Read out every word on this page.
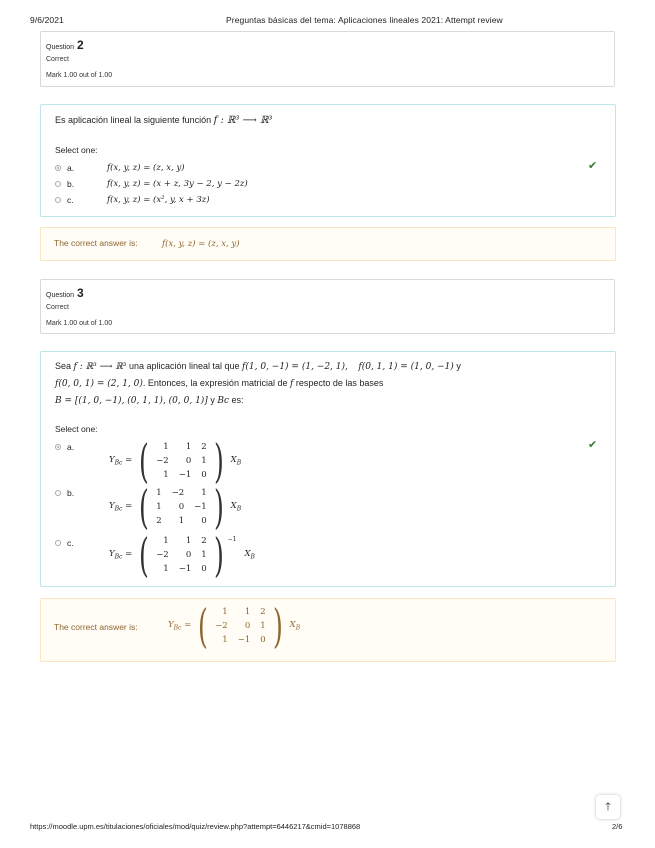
9/6/2021	Preguntas básicas del tema: Aplicaciones lineales 2021: Attempt review
Question 2
Correct
Mark 1.00 out of 1.00
Es aplicación lineal la siguiente función f : ℝ³ ⟶ ℝ³
Select one:
a.	f(x, y, z) = (z, x, y)
b.	f(x, y, z) = (x + z, 3y − 2, y − 2z)
c.	f(x, y, z) = (x², y, x + 3z)
✔
The correct answer is:	f(x, y, z) = (z, x, y)
Question 3
Correct
Mark 1.00 out of 1.00
Sea f : ℝ³ ⟶ ℝ³ una aplicación lineal tal que f(1, 0, −1) = (1, −2, 1), f(0, 1, 1) = (1, 0, −1) y
f(0, 0, 1) = (2, 1, 0). Entonces, la expresión matricial de f respecto de las bases
B = [(1, 0, −1), (0, 1, 1), (0, 0, 1)] y Bc es:
Select one:
a.
b.
c.
$Y_{Bc}$ = ( 1	1	2
−2	0	1
1	−1	0 ) $X_B$
$Y_{Bc}$ = ( 1	−2	1
1	0	−1
2	1	0 ) $X_B$
$Y_{Bc}$ = ( 1	1	2
−2	0	1
1	−1	0 ) −1
$X_B$
✔
The correct answer is:	$Y_{Bc}$ = ( 1	1	2
−2	0	1
1	−1	0 ) $X_B$
🡑
https://moodle.upm.es/titulaciones/oficiales/mod/quiz/review.php?attempt=6446217&cmid=1078868	2/6
